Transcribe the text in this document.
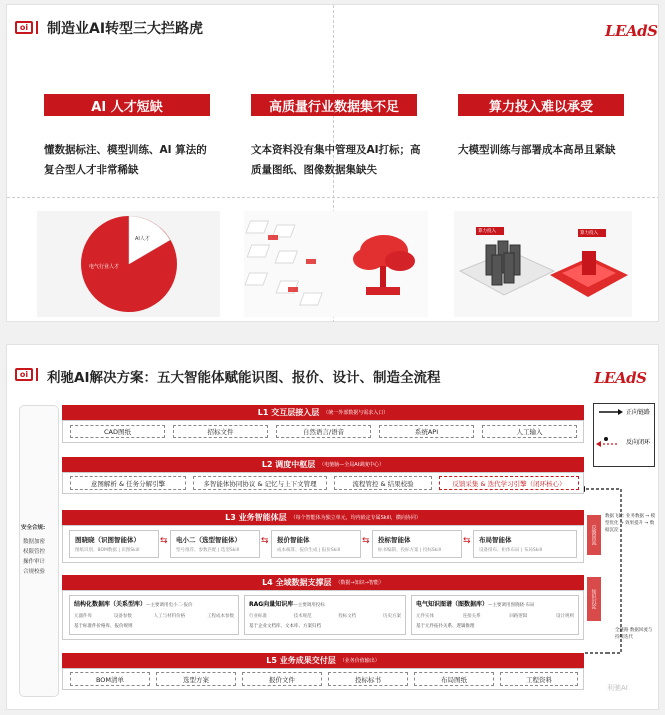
oi	制造业AI转型三大拦路虎	LEAdS
AI 人才短缺	高质量行业数据集不足	算力投入难以承受
懂数据标注、模型训练、AI 算法的复合型人才非常稀缺
文本资料没有集中管理及AI打标；高质量图纸、图像数据集缺失
大模型训练与部署成本高昂且紧缺
AI人才
电气行业人才
算力投入	算力投入
oi	利驰AI解决方案：五大智能体赋能识图、报价、设计、制造全流程	LEAdS
安全合规:
数据加密
权限管控
操作审计
合规校验
正向链路
反向闭环
数据飞轮: 业务数据 → 模型优化 → 效果提升 → 数据沉淀
全链路 数据回流与 持续迭代
反馈回流
知识沉淀
L1 交互层接入层 （统一外部数据与需求入口）
CAD图纸	招标文件	自然语言/语音	系统API	人工输入
L2 调度中枢层 （电驰脑—全局AI调度中心）
意图解析 & 任务分解引擎	多智能体协同协议 & 记忆与上下文管理	流程管控 & 结果校验	反馈采集 & 迭代学习引擎（闭环核心）
L3 业务智能体层 （每个智能体为独立单元，均内嵌定专属Skill，横向协同）
图晓晓（识图智能体）
图纸识别、BOM数据 | 识图Skill
电小二（选型智能体）
型号推荐、参数匹配 | 选型Skill
报价智能体
成本核算、报价生成 | 报价Skill
投标智能体
标书编制、投标方案 | 投标Skill
布局智能体
设备排布、柜体布局 | 布局Skill
⇆	⇆	⇆	⇆
L4 全域数据支撑层 （数据→知识→智能）
结构化数据库（关系型库）—主要调用电小二·报价
元器件库	设备参数	人工与材料价格	工程成本参数
基于标准件价格库、报价规则
RAG向量知识库—主要调用投标
行业标准	技术规范	投标文档	历史方案
基于企业文档库、文本库、方案归档
电气知识图谱（图数据库）—主要调用图晓晓·布局
元件实体	连接关系	回路逻辑	设计规则
基于元件拓扑关系、逻辑推理
L5 业务成果交付层 （业务价值输出）
BOM清单	选型方案	报价文件	投标标书	布局图纸	工程资料
利驰AI
